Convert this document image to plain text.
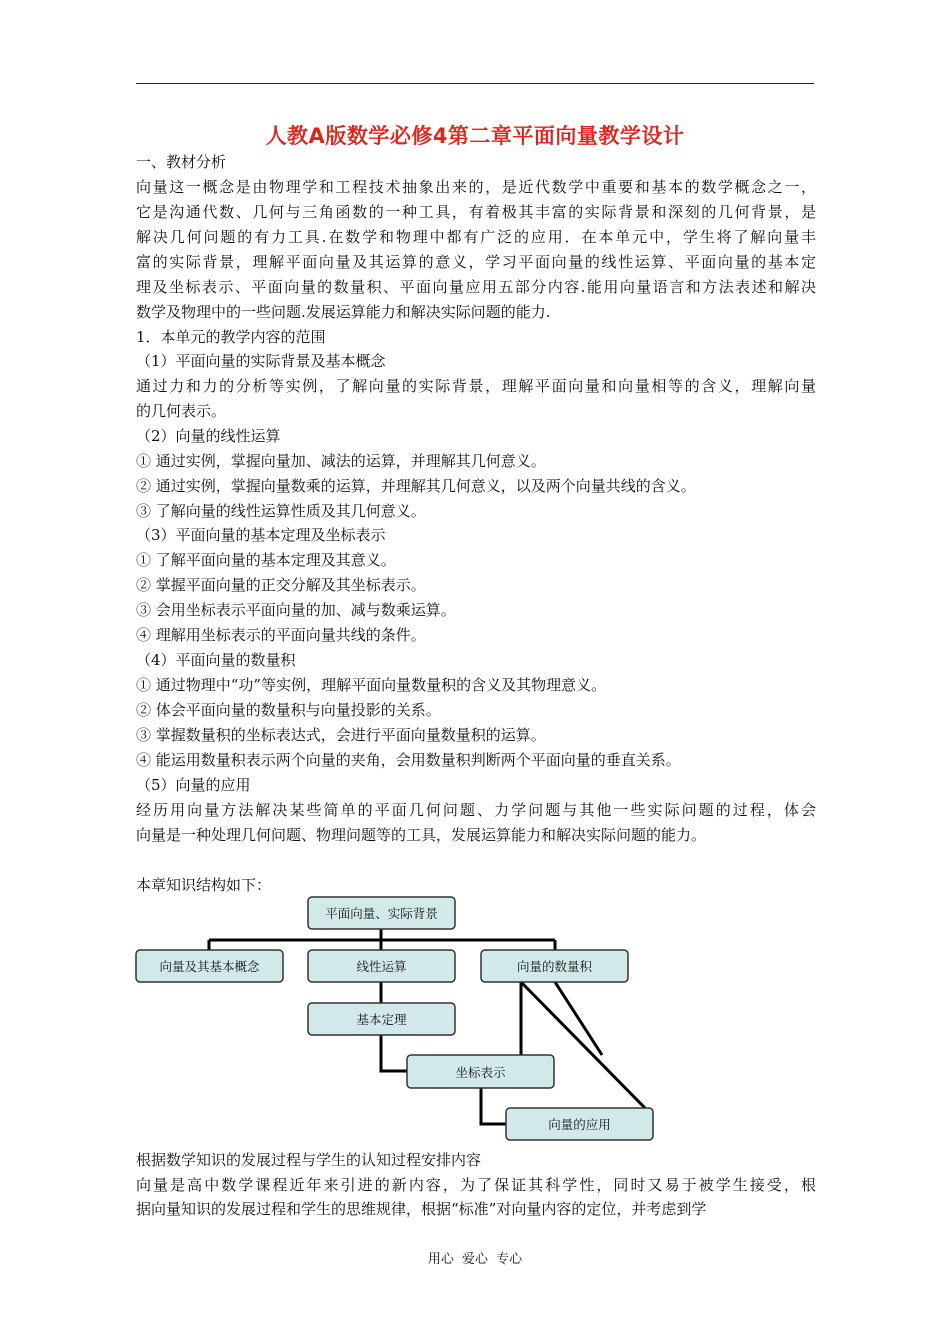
人教A版数学必修4第二章平面向量教学设计
一、教材分析
向量这一概念是由物理学和工程技术抽象出来的，是近代数学中重要和基本的数学概念之一，
它是沟通代数、几何与三角函数的一种工具，有着极其丰富的实际背景和深刻的几何背景，是
解决几何问题的有力工具.在数学和物理中都有广泛的应用．在本单元中，学生将了解向量丰
富的实际背景，理解平面向量及其运算的意义，学习平面向量的线性运算、平面向量的基本定
理及坐标表示、平面向量的数量积、平面向量应用五部分内容.能用向量语言和方法表述和解决
数学及物理中的一些问题.发展运算能力和解决实际问题的能力.
1．本单元的教学内容的范围
（1）平面向量的实际背景及基本概念
通过力和力的分析等实例，了解向量的实际背景，理解平面向量和向量相等的含义，理解向量
的几何表示。
（2）向量的线性运算
① 通过实例，掌握向量加、减法的运算，并理解其几何意义。
② 通过实例，掌握向量数乘的运算，并理解其几何意义，以及两个向量共线的含义。
③ 了解向量的线性运算性质及其几何意义。
（3）平面向量的基本定理及坐标表示
① 了解平面向量的基本定理及其意义。
② 掌握平面向量的正交分解及其坐标表示。
③ 会用坐标表示平面向量的加、减与数乘运算。
④ 理解用坐标表示的平面向量共线的条件。
（4）平面向量的数量积
① 通过物理中“功”等实例，理解平面向量数量积的含义及其物理意义。
② 体会平面向量的数量积与向量投影的关系。
③ 掌握数量积的坐标表达式，会进行平面向量数量积的运算。
④ 能运用数量积表示两个向量的夹角，会用数量积判断两个平面向量的垂直关系。
（5）向量的应用
经历用向量方法解决某些简单的平面几何问题、力学问题与其他一些实际问题的过程，体会
向量是一种处理几何问题、物理问题等的工具，发展运算能力和解决实际问题的能力。
本章知识结构如下：
根据数学知识的发展过程与学生的认知过程安排内容
向量是高中数学课程近年来引进的新内容，为了保证其科学性，同时又易于被学生接受，根
据向量知识的发展过程和学生的思维规律，根据“标准”对向量内容的定位，并考虑到学
平面向量、实际背景
向量及其基本概念	线性运算	向量的数量积
基本定理
坐标表示
向量的应用
用心 爱心 专心
